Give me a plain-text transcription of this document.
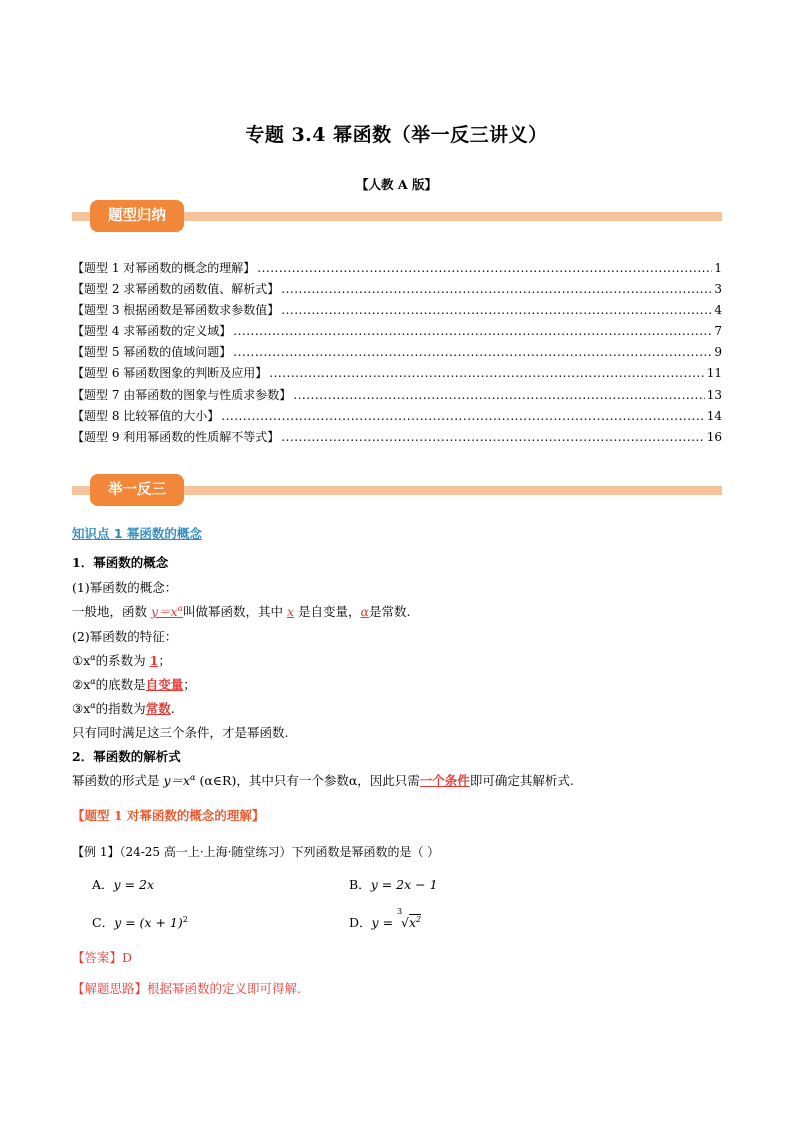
专题 3.4 幂函数（举一反三讲义）
【人教 A 版】
题型归纳
【题型 1 对幂函数的概念的理解】 .....	1
【题型 2 求幂函数的函数值、解析式】 .....	3
【题型 3 根据函数是幂函数求参数值】 .....	4
【题型 4 求幂函数的定义域】 .....	7
【题型 5 幂函数的值域问题】 .....	9
【题型 6 幂函数图象的判断及应用】 .....	11
【题型 7 由幂函数的图象与性质求参数】 .....	13
【题型 8 比较幂值的大小】 .....	14
【题型 9 利用幂函数的性质解不等式】 .....	16
举一反三
知识点 1 幂函数的概念
1．幂函数的概念
(1)幂函数的概念：
一般地，函数 $y=x^\alpha$叫做幂函数，其中 x 是自变量，α是常数.
(2)幂函数的特征：
$①x^\alpha$的系数为 1；
$②x^\alpha$的底数是自变量；
$③x^\alpha$的指数为常数.
只有同时满足这三个条件，才是幂函数.
2．幂函数的解析式
幂函数的形式是 $y=x^\alpha$ (α∈R)，其中只有一个参数α，因此只需一个条件即可确定其解析式.
【题型 1 对幂函数的概念的理解】
【例 1】（24-25 高一上·上海·随堂练习）下列函数是幂函数的是（ ）
A．y = 2x	B．y = 2x − 1
C．$y = (x + 1)^2$	D．y =
3
$√x^2$
【答案】D
【解题思路】根据幂函数的定义即可得解.
